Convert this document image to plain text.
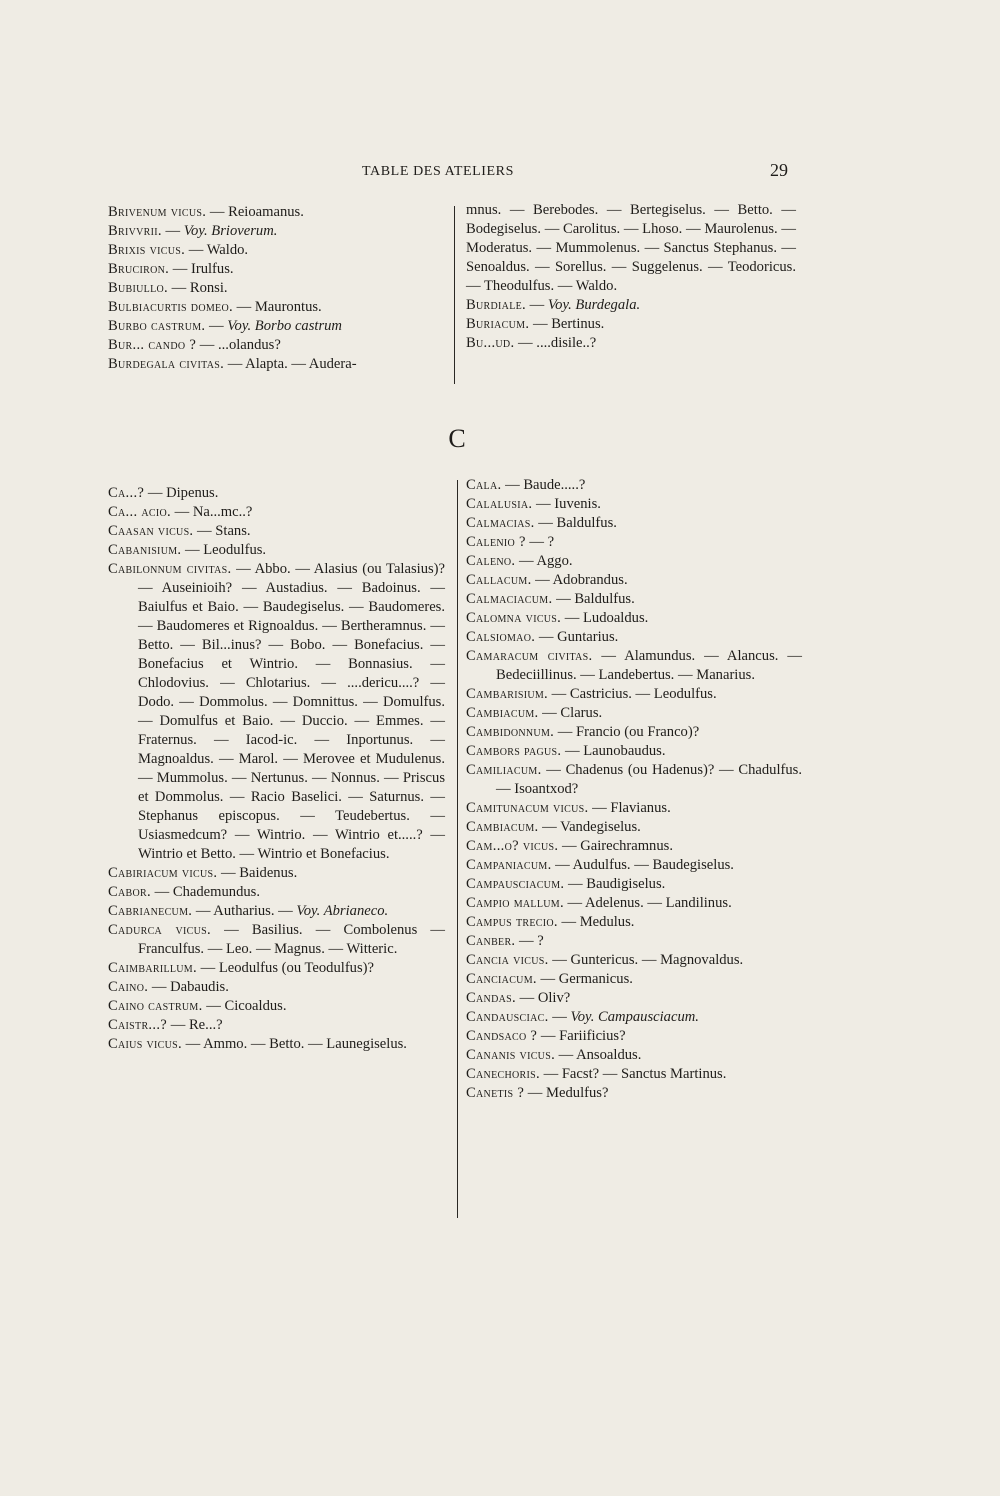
TABLE DES ATELIERS	29
Brivenum vicus. — Reioamanus.
Brivvrii. — Voy. Brioverum.
Brixis vicus. — Waldo.
Bruciron. — Irulfus.
Bubiullo. — Ronsi.
Bulbiacurtis domeo. — Maurontus.
Burbo castrum. — Voy. Borbo castrum
Bur... cando ? — ...olandus?
Burdegala civitas. — Alapta. — Audera-
mnus. — Berebodes. — Bertegiselus. — Betto. — Bodegiselus. — Carolitus. — Lhoso. — Maurolenus. — Moderatus. — Mummolenus. — Sanctus Stephanus. — Senoaldus. — Sorellus. — Suggelenus. — Teodoricus. — Theodulfus. — Waldo.
Burdiale. — Voy. Burdegala.
Buriacum. — Bertinus.
Bu...ud. — ....disile..?
C
Ca...? — Dipenus.
Ca... acio. — Na...mc..?
Caasan vicus. — Stans.
Cabanisium. — Leodulfus.
Cabilonnum civitas. — Abbo. — Alasius (ou Talasius)? — Auseinioih? — Austadius. — Badoinus. — Baiulfus et Baio. — Baudegiselus. — Baudomeres. — Baudomeres et Rignoaldus. — Bertheramnus. — Betto. — Bil...inus? — Bobo. — Bonefacius. — Bonefacius et Wintrio. — Bonnasius. — Chlodovius. — Chlotarius. — ....dericu....? — Dodo. — Dommolus. — Domnittus. — Domulfus. — Domulfus et Baio. — Duccio. — Emmes. — Fraternus. — Iacod-ic. — Inportunus. — Magnoaldus. — Marol. — Merovee et Mudulenus. — Mummolus. — Nertunus. — Nonnus. — Priscus et Dommolus. — Racio Baselici. — Saturnus. — Stephanus episcopus. — Teudebertus. — Usiasmedcum? — Wintrio. — Wintrio et.....? — Wintrio et Betto. — Wintrio et Bonefacius.
Cabiriacum vicus. — Baidenus.
Cabor. — Chademundus.
Cabrianecum. — Autharius. — Voy. Abrianeco.
Cadurca vicus. — Basilius. — Combolenus — Franculfus. — Leo. — Magnus. — Witteric.
Caimbarillum. — Leodulfus (ou Teodulfus)?
Caino. — Dabaudis.
Caino castrum. — Cicoaldus.
Caistr...? — Re...?
Caius vicus. — Ammo. — Betto. — Launegiselus.
Cala. — Baude.....?
Calalusia. — Iuvenis.
Calmacias. — Baldulfus.
Calenio ? — ?
Caleno. — Aggo.
Callacum. — Adobrandus.
Calmaciacum. — Baldulfus.
Calomna vicus. — Ludoaldus.
Calsiomao. — Guntarius.
Camaracum civitas. — Alamundus. — Alancus. — Bedeciillinus. — Landebertus. — Manarius.
Cambarisium. — Castricius. — Leodulfus.
Cambiacum. — Clarus.
Cambidonnum. — Francio (ou Franco)?
Cambors pagus. — Launobaudus.
Camiliacum. — Chadenus (ou Hadenus)? — Chadulfus. — Isoantxod?
Camitunacum vicus. — Flavianus.
Cambiacum. — Vandegiselus.
Cam...o? vicus. — Gairechramnus.
Campaniacum. — Audulfus. — Baudegiselus.
Campausciacum. — Baudigiselus.
Campio mallum. — Adelenus. — Landilinus.
Campus trecio. — Medulus.
Canber. — ?
Cancia vicus. — Guntericus. — Magnovaldus.
Canciacum. — Germanicus.
Candas. — Oliv?
Candausciac. — Voy. Campausciacum.
Candsaco ? — Fariificius?
Cananis vicus. — Ansoaldus.
Canechoris. — Facst? — Sanctus Martinus.
Canetis ? — Medulfus?
